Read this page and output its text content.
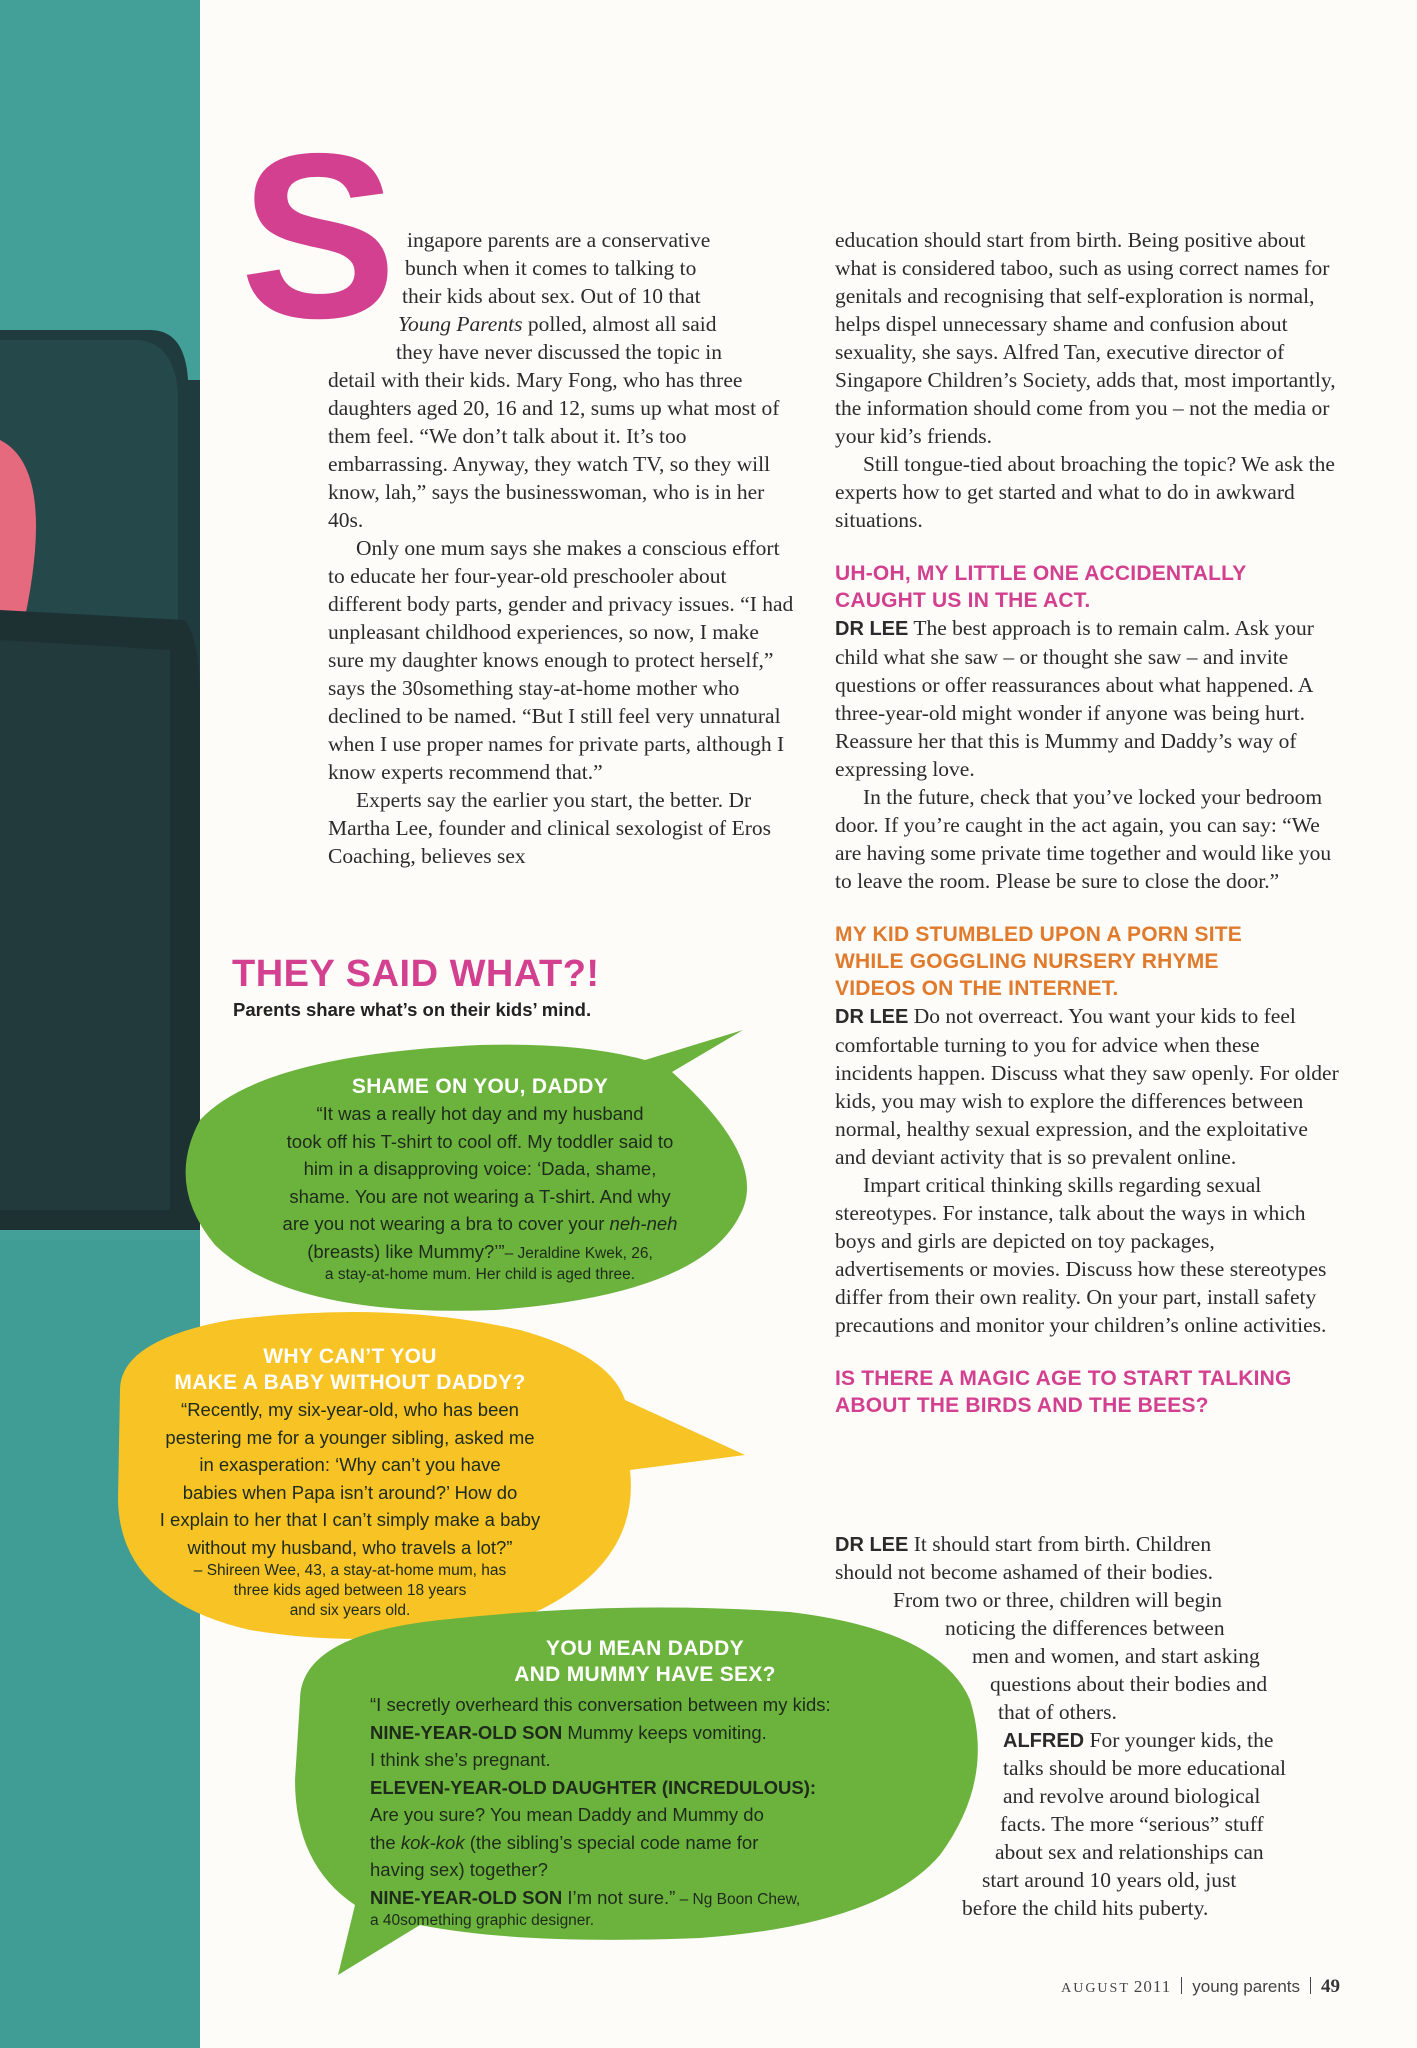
S ingapore parents are a conservative
bunch when it comes to talking to
their kids about sex. Out of 10 that
Young Parents polled, almost all said
they have never discussed the topic in

detail with their kids. Mary Fong, who has three daughters aged 20, 16 and 12, sums up what most of them feel. “We don’t talk about it. It’s too embarrassing. Anyway, they watch TV, so they will know, lah,” says the businesswoman, who is in her 40s.

Only one mum says she makes a conscious effort to educate her four-year-old preschooler about different body parts, gender and privacy issues. “I had unpleasant childhood experiences, so now, I make sure my daughter knows enough to protect herself,” says the 30something stay-at-home mother who declined to be named. “But I still feel very unnatural when I use proper names for private parts, although I know experts recommend that.”

Experts say the earlier you start, the better. Dr Martha Lee, founder and clinical sexologist of Eros Coaching, believes sex

education should start from birth. Being positive about what is considered taboo, such as using correct names for genitals and recognising that self-exploration is normal, helps dispel unnecessary shame and confusion about sexuality, she says. Alfred Tan, executive director of Singapore Children’s Society, adds that, most importantly, the information should come from you – not the media or your kid’s friends.

Still tongue-tied about broaching the topic? We ask the experts how to get started and what to do in awkward situations.

UH-OH, MY LITTLE ONE ACCIDENTALLY CAUGHT US IN THE ACT.

DR LEE The best approach is to remain calm. Ask your child what she saw – or thought she saw – and invite questions or offer reassurances about what happened. A three-year-old might wonder if anyone was being hurt. Reassure her that this is Mummy and Daddy’s way of expressing love.

In the future, check that you’ve locked your bedroom door. If you’re caught in the act again, you can say: “We are having some private time together and would like you to leave the room. Please be sure to close the door.”

MY KID STUMBLED UPON A PORN SITE WHILE GOGGLING NURSERY RHYME VIDEOS ON THE INTERNET.

DR LEE Do not overreact. You want your kids to feel comfortable turning to you for advice when these incidents happen. Discuss what they saw openly. For older kids, you may wish to explore the differences between normal, healthy sexual expression, and the exploitative and deviant activity that is so prevalent online.

Impart critical thinking skills regarding sexual stereotypes. For instance, talk about the ways in which boys and girls are depicted on toy packages, advertisements or movies. Discuss how these stereotypes differ from their own reality. On your part, install safety precautions and monitor your children’s online activities.

IS THERE A MAGIC AGE TO START TALKING ABOUT THE BIRDS AND THE BEES?

DR LEE It should start from birth. Children
should not become ashamed of their bodies.
From two or three, children will begin
noticing the differences between
men and women, and start asking
questions about their bodies and
that of others.
ALFRED For younger kids, the
talks should be more educational
and revolve around biological
facts. The more “serious” stuff
about sex and relationships can
start around 10 years old, just
before the child hits puberty.
THEY SAID WHAT?!
Parents share what’s on their kids’ mind.

SHAME ON YOU, DADDY

“It was a really hot day and my husband

took off his T-shirt to cool off. My toddler said to

him in a disapproving voice: ‘Dada, shame,

shame. You are not wearing a T-shirt. And why

are you not wearing a bra to cover your neh-neh

(breasts) like Mummy?’”– Jeraldine Kwek, 26,

a stay-at-home mum. Her child is aged three.

WHY CAN’T YOU

MAKE A BABY WITHOUT DADDY?

“Recently, my six-year-old, who has been

pestering me for a younger sibling, asked me

in exasperation: ‘Why can’t you have

babies when Papa isn’t around?’ How do

I explain to her that I can’t simply make a baby

without my husband, who travels a lot?”

– Shireen Wee, 43, a stay-at-home mum, has

three kids aged between 18 years

and six years old.

YOU MEAN DADDY

AND MUMMY HAVE SEX?

“I secretly overheard this conversation between my kids:

NINE-YEAR-OLD SON Mummy keeps vomiting.

I think she’s pregnant.

ELEVEN-YEAR-OLD DAUGHTER (INCREDULOUS):

Are you sure? You mean Daddy and Mummy do

the kok-kok (the sibling’s special code name for

having sex) together?

NINE-YEAR-OLD SON I’m not sure.” – Ng Boon Chew,

a 40something graphic designer.

AUGUST 2011 young parents 49
